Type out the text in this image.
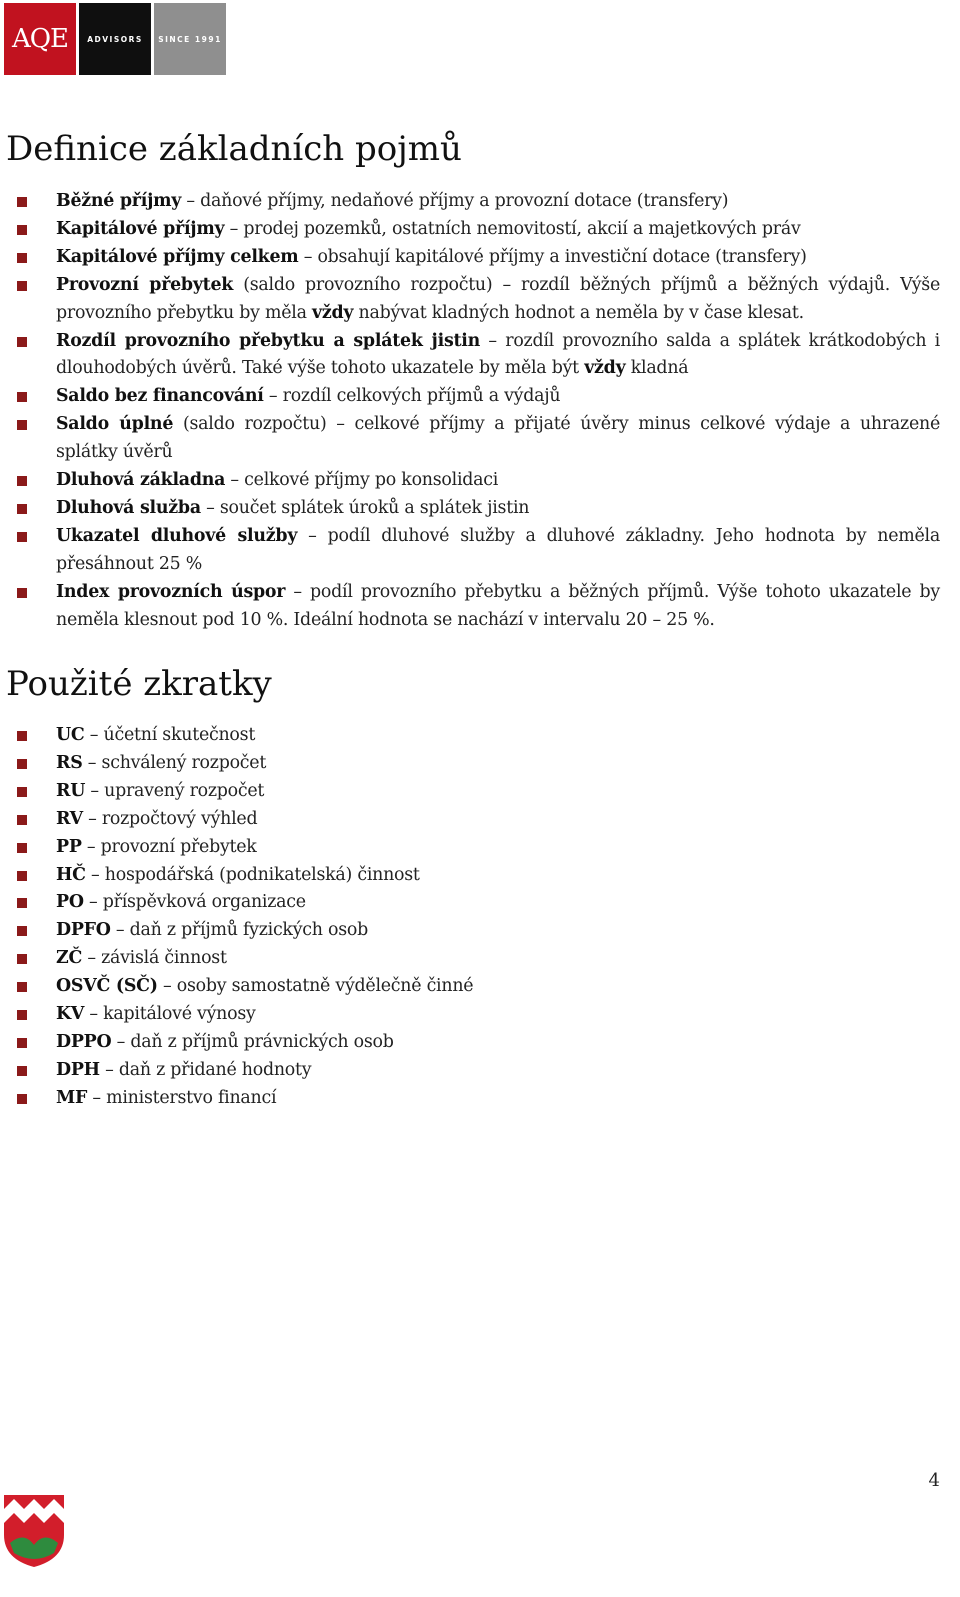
AQE	ADVISORS SINCE 1991
Definice základních pojmů
Běžné příjmy – daňové příjmy, nedaňové příjmy a provozní dotace (transfery)
Kapitálové příjmy – prodej pozemků, ostatních nemovitostí, akcií a majetkových práv
Kapitálové příjmy celkem – obsahují kapitálové příjmy a investiční dotace (transfery)
Provozní přebytek (saldo provozního rozpočtu) – rozdíl běžných příjmů a běžných výdajů. Výše provozního přebytku by měla vždy nabývat kladných hodnot a neměla by v čase klesat.
Rozdíl provozního přebytku a splátek jistin – rozdíl provozního salda a splátek krátkodobých i dlouhodobých úvěrů. Také výše tohoto ukazatele by měla být vždy kladná
Saldo bez financování – rozdíl celkových příjmů a výdajů
Saldo úplné (saldo rozpočtu) – celkové příjmy a přijaté úvěry minus celkové výdaje a uhrazené splátky úvěrů
Dluhová základna – celkové příjmy po konsolidaci
Dluhová služba – součet splátek úroků a splátek jistin
Ukazatel dluhové služby – podíl dluhové služby a dluhové základny. Jeho hodnota by neměla přesáhnout 25 %
Index provozních úspor – podíl provozního přebytku a běžných příjmů. Výše tohoto ukazatele by neměla klesnout pod 10 %. Ideální hodnota se nachází v intervalu 20 – 25 %.
Použité zkratky
UC – účetní skutečnost
RS – schválený rozpočet
RU – upravený rozpočet
RV – rozpočtový výhled
PP – provozní přebytek
HČ – hospodářská (podnikatelská) činnost
PO – příspěvková organizace
DPFO – daň z příjmů fyzických osob
ZČ – závislá činnost
OSVČ (SČ) – osoby samostatně výdělečně činné
KV – kapitálové výnosy
DPPO – daň z příjmů právnických osob
DPH – daň z přidané hodnoty
MF – ministerstvo financí
4
